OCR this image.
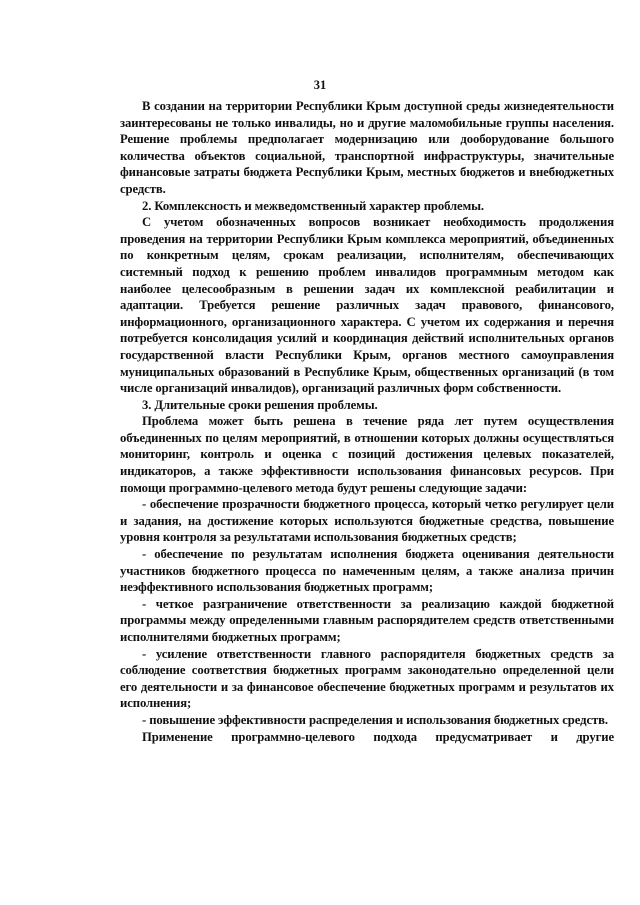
31

В создании на территории Республики Крым доступной среды жизнедеятельности заинтересованы не только инвалиды, но и другие маломобильные группы населения. Решение проблемы предполагает модернизацию или дооборудование большого количества объектов социальной, транспортной инфраструктуры, значительные финансовые затраты бюджета Республики Крым, местных бюджетов и внебюджетных средств.

2. Комплексность и межведомственный характер проблемы.

С учетом обозначенных вопросов возникает необходимость продолжения проведения на территории Республики Крым комплекса мероприятий, объединенных по конкретным целям, срокам реализации, исполнителям, обеспечивающих системный подход к решению проблем инвалидов программным методом как наиболее целесообразным в решении задач их комплексной реабилитации и адаптации. Требуется решение различных задач правового, финансового, информационного, организационного характера. С учетом их содержания и перечня потребуется консолидация усилий и координация действий исполнительных органов государственной власти Республики Крым, органов местного самоуправления муниципальных образований в Республике Крым, общественных организаций (в том числе организаций инвалидов), организаций различных форм собственности.

3. Длительные сроки решения проблемы.

Проблема может быть решена в течение ряда лет путем осуществления объединенных по целям мероприятий, в отношении которых должны осуществляться мониторинг, контроль и оценка с позиций достижения целевых показателей, индикаторов, а также эффективности использования финансовых ресурсов. При помощи программно-целевого метода будут решены следующие задачи:

- обеспечение прозрачности бюджетного процесса, который четко регулирует цели и задания, на достижение которых используются бюджетные средства, повышение уровня контроля за результатами использования бюджетных средств;

- обеспечение по результатам исполнения бюджета оценивания деятельности участников бюджетного процесса по намеченным целям, а также анализа причин неэффективного использования бюджетных программ;

- четкое разграничение ответственности за реализацию каждой бюджетной программы между определенными главным распорядителем средств ответственными исполнителями бюджетных программ;

- усиление ответственности главного распорядителя бюджетных средств за соблюдение соответствия бюджетных программ законодательно определенной цели его деятельности и за финансовое обеспечение бюджетных программ и результатов их исполнения;

- повышение эффективности распределения и использования бюджетных средств.

Применение программно-целевого подхода предусматривает и другие
